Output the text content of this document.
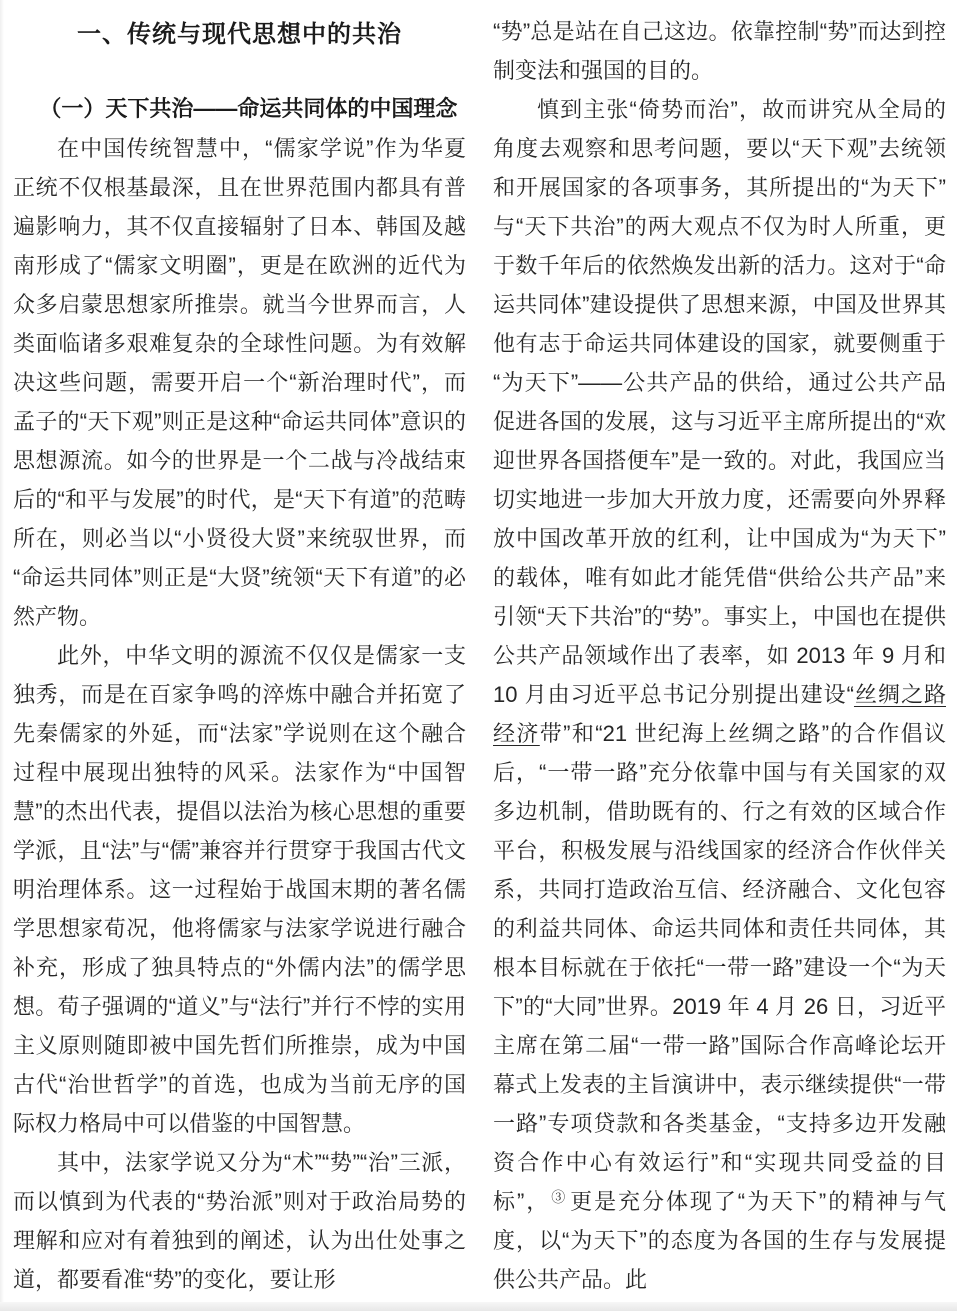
一、传统与现代思想中的共治
（一）天下共治——命运共同体的中国理念

在中国传统智慧中，“儒家学说”作为华夏正统不仅根基最深，且在世界范围内都具有普遍影响力，其不仅直接辐射了日本、韩国及越南形成了“儒家文明圈”，更是在欧洲的近代为众多启蒙思想家所推崇。就当今世界而言，人类面临诸多艰难复杂的全球性问题。为有效解决这些问题，需要开启一个“新治理时代”，而孟子的“天下观”则正是这种“命运共同体”意识的思想源流。如今的世界是一个二战与冷战结束后的“和平与发展”的时代，是“天下有道”的范畴所在，则必当以“小贤役大贤”来统驭世界，而“命运共同体”则正是“大贤”统领“天下有道”的必然产物。

此外，中华文明的源流不仅仅是儒家一支独秀，而是在百家争鸣的淬炼中融合并拓宽了先秦儒家的外延，而“法家”学说则在这个融合过程中展现出独特的风采。法家作为“中国智慧”的杰出代表，提倡以法治为核心思想的重要学派，且“法”与“儒”兼容并行贯穿于我国古代文明治理体系。这一过程始于战国末期的著名儒学思想家荀况，他将儒家与法家学说进行融合补充，形成了独具特点的“外儒内法”的儒学思想。荀子强调的“道义”与“法行”并行不悖的实用主义原则随即被中国先哲们所推崇，成为中国古代“治世哲学”的首选，也成为当前无序的国际权力格局中可以借鉴的中国智慧。

其中，法家学说又分为“术”“势”“治”三派，而以慎到为代表的“势治派”则对于政治局势的理解和应对有着独到的阐述，认为出仕处事之道，都要看准“势”的变化，要让形

“势”总是站在自己这边。依靠控制“势”而达到控制变法和强国的目的。

慎到主张“倚势而治”，故而讲究从全局的角度去观察和思考问题，要以“天下观”去统领和开展国家的各项事务，其所提出的“为天下”与“天下共治”的两大观点不仅为时人所重，更于数千年后的依然焕发出新的活力。这对于“命运共同体”建设提供了思想来源，中国及世界其他有志于命运共同体建设的国家，就要侧重于“为天下”——公共产品的供给，通过公共产品促进各国的发展，这与习近平主席所提出的“欢迎世界各国搭便车”是一致的。对此，我国应当切实地进一步加大开放力度，还需要向外界释放中国改革开放的红利，让中国成为“为天下”的载体，唯有如此才能凭借“供给公共产品”来引领“天下共治”的“势”。事实上，中国也在提供公共产品领域作出了表率，如 2013 年 9 月和 10 月由习近平总书记分别提出建设“丝绸之路经济带”和“21 世纪海上丝绸之路”的合作倡议后，“一带一路”充分依靠中国与有关国家的双多边机制，借助既有的、行之有效的区域合作平台，积极发展与沿线国家的经济合作伙伴关系，共同打造政治互信、经济融合、文化包容的利益共同体、命运共同体和责任共同体，其根本目标就在于依托“一带一路”建设一个“为天下”的“大同”世界。2019 年 4 月 26 日，习近平主席在第二届“一带一路”国际合作高峰论坛开幕式上发表的主旨演讲中，表示继续提供“一带一路”专项贷款和各类基金，“支持多边开发融资合作中心有效运行”和“实现共同受益的目标”，③ 更是充分体现了“为天下”的精神与气度，以“为天下”的态度为各国的生存与发展提供公共产品。此
